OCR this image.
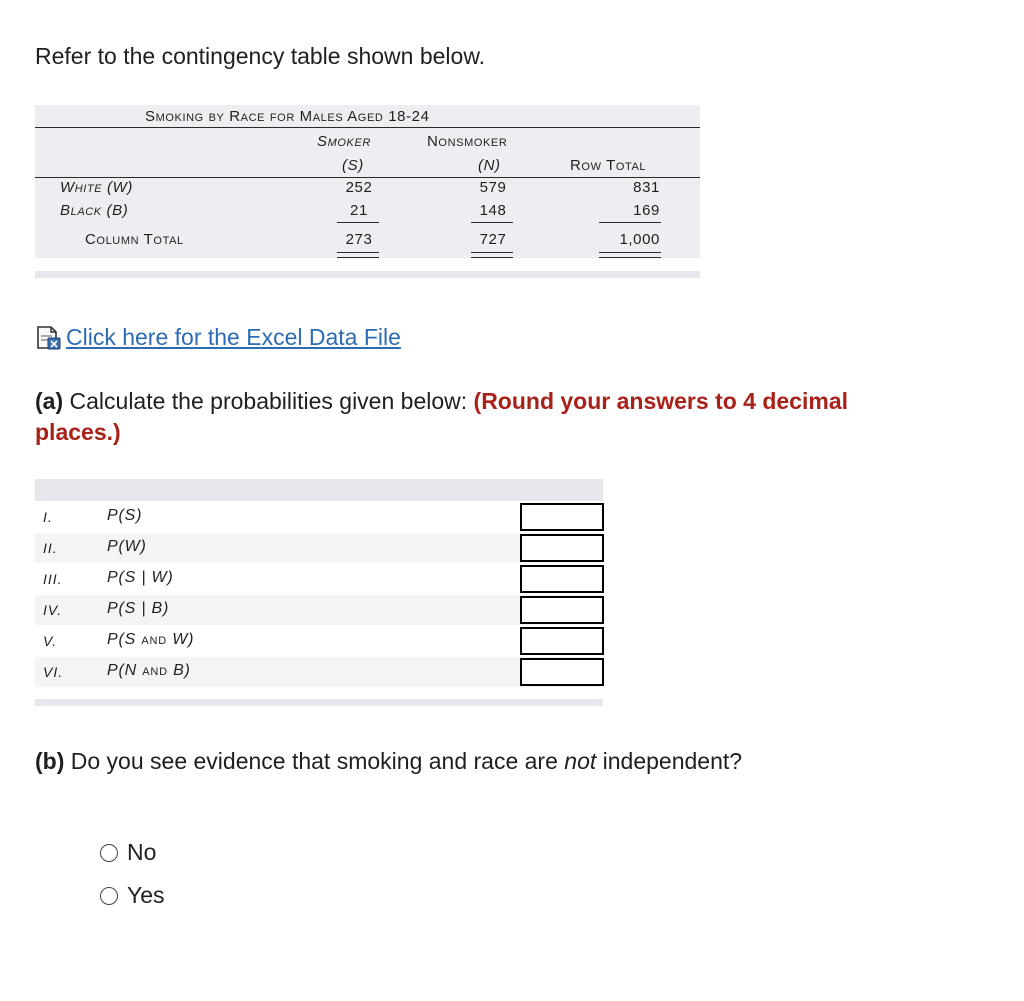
Refer to the contingency table shown below.
Smoking by Race for Males Aged 18-24
Smoker	Nonsmoker
(S)	(N)	Row Total
White (W)	252	579	831
Black (B)	21	148	169
Column Total	273	727	1,000
Click here for the Excel Data File
(a) Calculate the probabilities given below: (Round your answers to 4 decimal places.)
I.	P(S)
II.	P(W)
III.	P(S | W)
IV.	P(S | B)
V.	P(S and W)
VI.	P(N and B)
(b) Do you see evidence that smoking and race are not independent?
No
Yes
